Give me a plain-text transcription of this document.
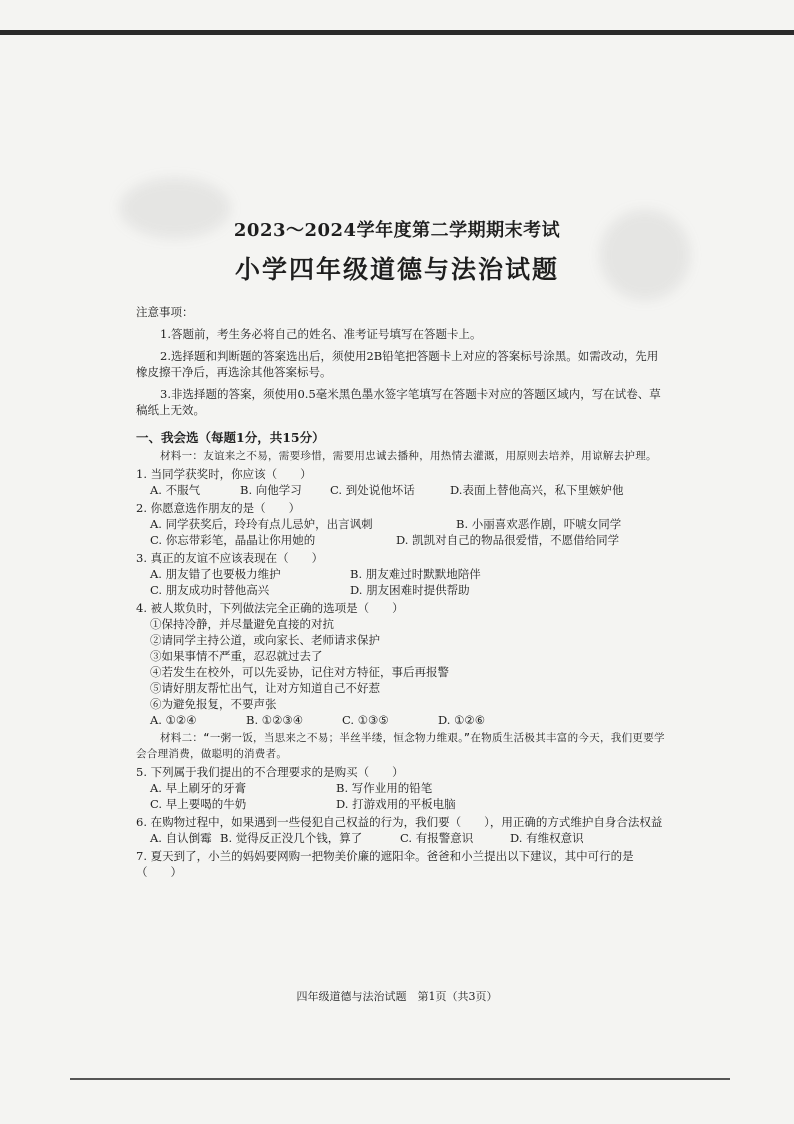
2023～2024学年度第二学期期末考试
小学四年级道德与法治试题
注意事项：
1.答题前，考生务必将自己的姓名、准考证号填写在答题卡上。
2.选择题和判断题的答案选出后，须使用2B铅笔把答题卡上对应的答案标号涂黑。如需改动，先用橡皮擦干净后，再选涂其他答案标号。
3.非选择题的答案，须使用0.5毫米黑色墨水签字笔填写在答题卡对应的答题区域内，写在试卷、草稿纸上无效。
一、我会选（每题1分，共15分）
材料一：友谊来之不易，需要珍惜，需要用忠诚去播种，用热情去灌溉，用原则去培养，用谅解去护理。
1. 当同学获奖时，你应该（　　）
A. 不服气	B. 向他学习	C. 到处说他坏话	D.表面上替他高兴，私下里嫉妒他
2. 你愿意选作朋友的是（　　）
A. 同学获奖后，玲玲有点儿忌妒，出言讽刺	B. 小丽喜欢恶作剧，吓唬女同学
C. 你忘带彩笔，晶晶让你用她的	D. 凯凯对自己的物品很爱惜，不愿借给同学
3. 真正的友谊不应该表现在（　　）
A. 朋友错了也要极力维护	B. 朋友难过时默默地陪伴
C. 朋友成功时替他高兴	D. 朋友困难时提供帮助
4. 被人欺负时，下列做法完全正确的选项是（　　）
①保持冷静，并尽量避免直接的对抗
②请同学主持公道，或向家长、老师请求保护
③如果事情不严重，忍忍就过去了
④若发生在校外，可以先妥协，记住对方特征，事后再报警
⑤请好朋友帮忙出气，让对方知道自己不好惹
⑥为避免报复，不要声张
A. ①②④	B. ①②③④	C. ①③⑤	D. ①②⑥
材料二：“一粥一饭，当思来之不易；半丝半缕，恒念物力维艰。”在物质生活极其丰富的今天，我们更要学会合理消费，做聪明的消费者。
5. 下列属于我们提出的不合理要求的是购买（　　）
A. 早上刷牙的牙膏	B. 写作业用的铅笔
C. 早上要喝的牛奶	D. 打游戏用的平板电脑
6. 在购物过程中，如果遇到一些侵犯自己权益的行为，我们要（　　），用正确的方式维护自身合法权益
A. 自认倒霉 B. 觉得反正没几个钱，算了	C. 有报警意识	D. 有维权意识
7. 夏天到了，小兰的妈妈要网购一把物美价廉的遮阳伞。爸爸和小兰提出以下建议，其中可行的是（　　）
四年级道德与法治试题　第1页（共3页）
